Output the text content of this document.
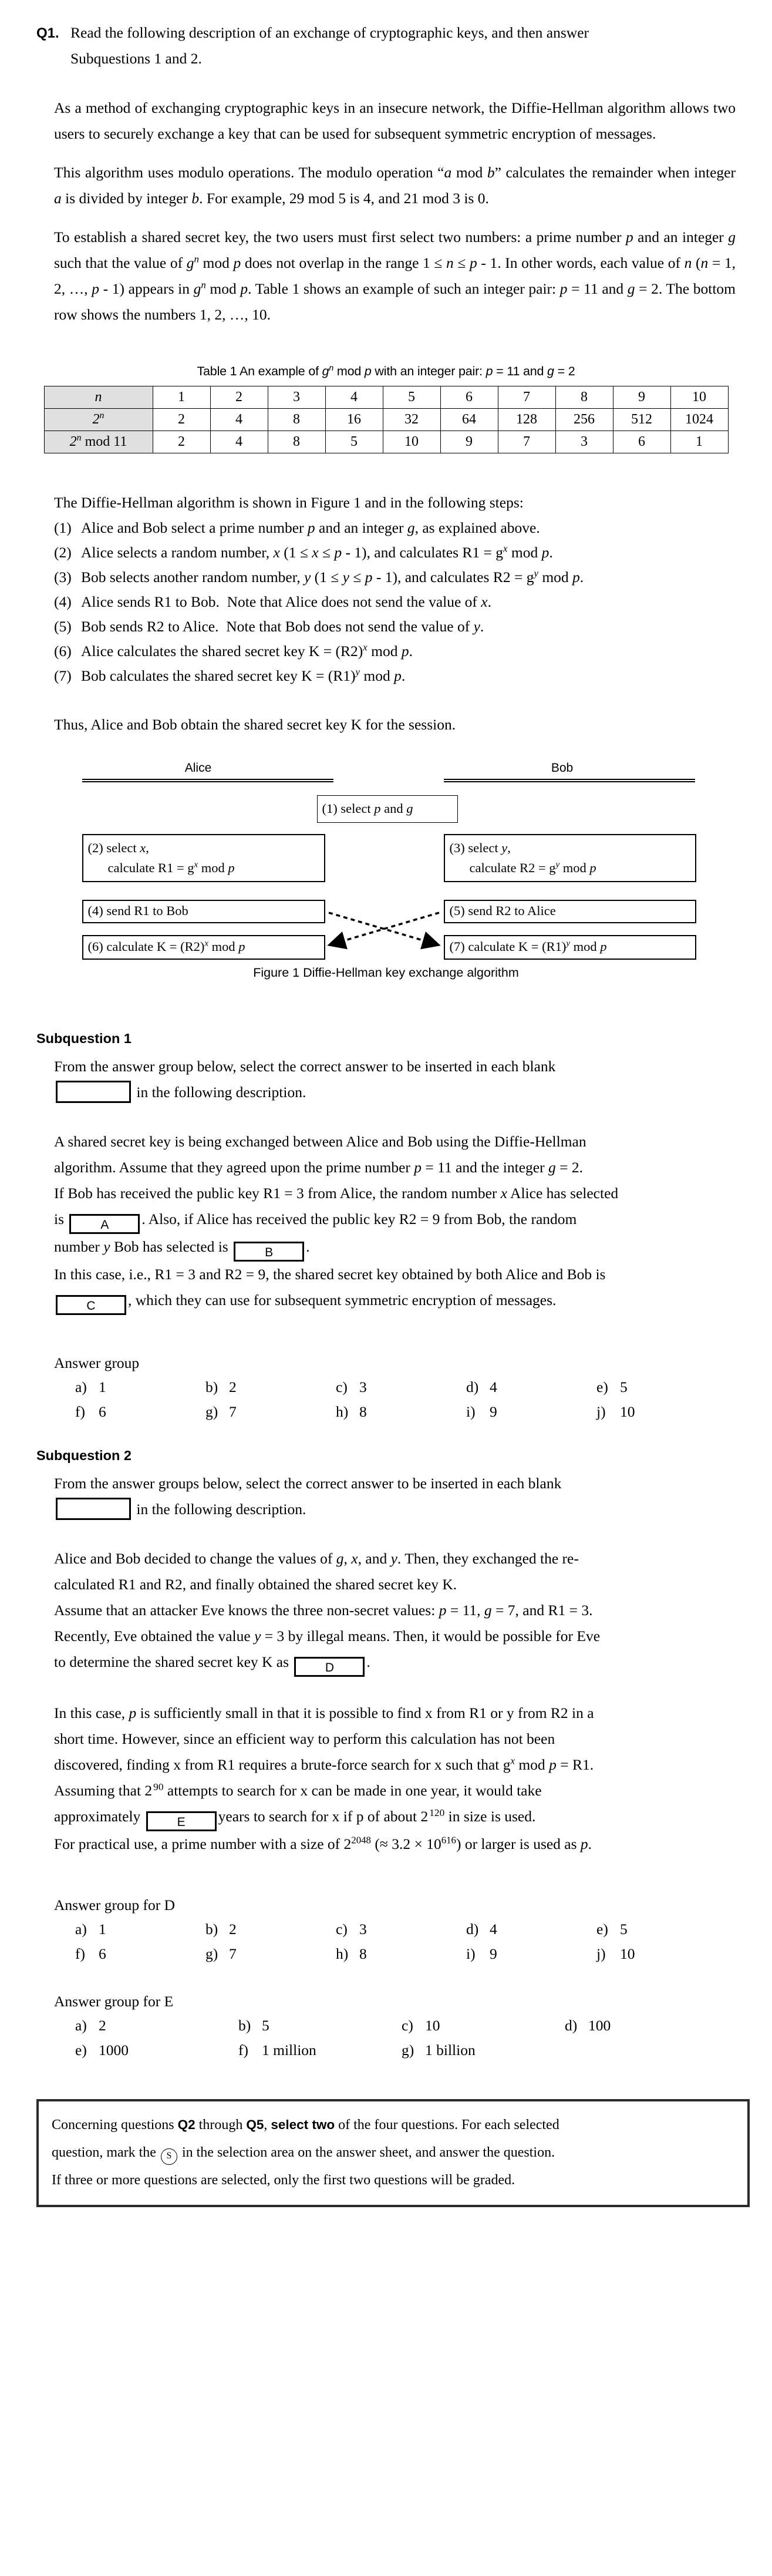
Q1. Read the following description of an exchange of cryptographic keys, and then answer
Subquestions 1 and 2.

As a method of exchanging cryptographic keys in an insecure network, the Diffie-Hellman algorithm allows two users to securely exchange a key that can be used for subsequent symmetric encryption of messages.

This algorithm uses modulo operations. The modulo operation “a mod b” calculates the remainder when integer a is divided by integer b. For example, 29 mod 5 is 4, and 21 mod 3 is 0.

To establish a shared secret key, the two users must first select two numbers: a prime number p and an integer g such that the value of $g^n$ mod p does not overlap in the range 1 ≤ n ≤ p - 1. In other words, each value of n (n = 1, 2, …, p - 1) appears in $g^n$ mod p. Table 1 shows an example of such an integer pair: p = 11 and g = 2. The bottom row shows the numbers 1, 2, …, 10.

Table 1 An example of $g^n$ mod p with an integer pair: p = 11 and g = 2
n	1	2	3	4	5	6	7	8	9	10
2$^n$	2	4	8	16	32	64	128	256	512	1024
2$^n$ mod 11	2	4	8	5	10	9	7	3	6	1

The Diffie-Hellman algorithm is shown in Figure 1 and in the following steps:

(1) Alice and Bob select a prime number p and an integer g, as explained above.
(2) Alice selects a random number, x (1 ≤ x ≤ p - 1), and calculates $R1 = g^x$ mod p.
(3) Bob selects another random number, y (1 ≤ y ≤ p - 1), and calculates $R2 = g^y$ mod p.
(4) Alice sends R1 to Bob.  Note that Alice does not send the value of x.
(5) Bob sends R2 to Alice.  Note that Bob does not send the value of y.
(6) Alice calculates the shared secret key $K = (R2)^x$ mod p.
(7) Bob calculates the shared secret key $K = (R1)^y$ mod p.

Thus, Alice and Bob obtain the shared secret key K for the session.

Alice	Bob
(1) select p and g
(2) select x,
calculate $R1 = g^x$ mod p
(3) select y,
calculate $R2 = g^y$ mod p
(4) send R1 to Bob	(5) send R2 to Alice
(6) calculate $K = (R2)^x$ mod p	(7) calculate $K = (R1)^y$ mod p
Figure 1 Diffie-Hellman key exchange algorithm
Subquestion 1

From the answer group below, select the correct answer to be inserted in each blank

in the following description.

A shared secret key is being exchanged between Alice and Bob using the Diffie-Hellman

algorithm. Assume that they agreed upon the prime number p = 11 and the integer g = 2.

If Bob has received the public key R1 = 3 from Alice, the random number x Alice has selected

is	A . Also, if Alice has received the public key R2 = 9 from Bob, the random

number y Bob has selected is	B .

In this case, i.e., R1 = 3 and R2 = 9, the shared secret key obtained by both Alice and Bob is

C , which they can use for subsequent symmetric encryption of messages.

Answer group
a) 1	b) 2	c) 3	d) 4	e) 5
f) 6	g) 7	h) 8	i) 9	j) 10
Subquestion 2

From the answer groups below, select the correct answer to be inserted in each blank

in the following description.

Alice and Bob decided to change the values of g, x, and y. Then, they exchanged the re-

calculated R1 and R2, and finally obtained the shared secret key K.

Assume that an attacker Eve knows the three non-secret values: p = 11, g = 7, and R1 = 3.

Recently, Eve obtained the value y = 3 by illegal means. Then, it would be possible for Eve

to determine the shared secret key K as	D .

In this case, p is sufficiently small in that it is possible to find x from R1 or y from R2 in a

short time. However, since an efficient way to perform this calculation has not been

discovered, finding x from R1 requires a brute-force search for x such that $g^x$ mod p = R1.

Assuming that 2 $^{90}$ attempts to search for x can be made in one year, it would take

approximately	E years to search for x if p of about 2 $^{120}$ in size is used.

For practical use, a prime number with a size of $2^{2048}$ (≈ $3.2 \times 10^{616}$) or larger is used as p.

Answer group for D
a) 1	b) 2	c) 3	d) 4	e) 5
f) 6	g) 7	h) 8	i) 9	j) 10
Answer group for E
a) 2	b) 5	c) 10	d) 100
e) 1000	f) 1 million	g) 1 billion

Concerning questions Q2 through Q5, select two of the four questions. For each selected

question, mark the S in the selection area on the answer sheet, and answer the question.

If three or more questions are selected, only the first two questions will be graded.
